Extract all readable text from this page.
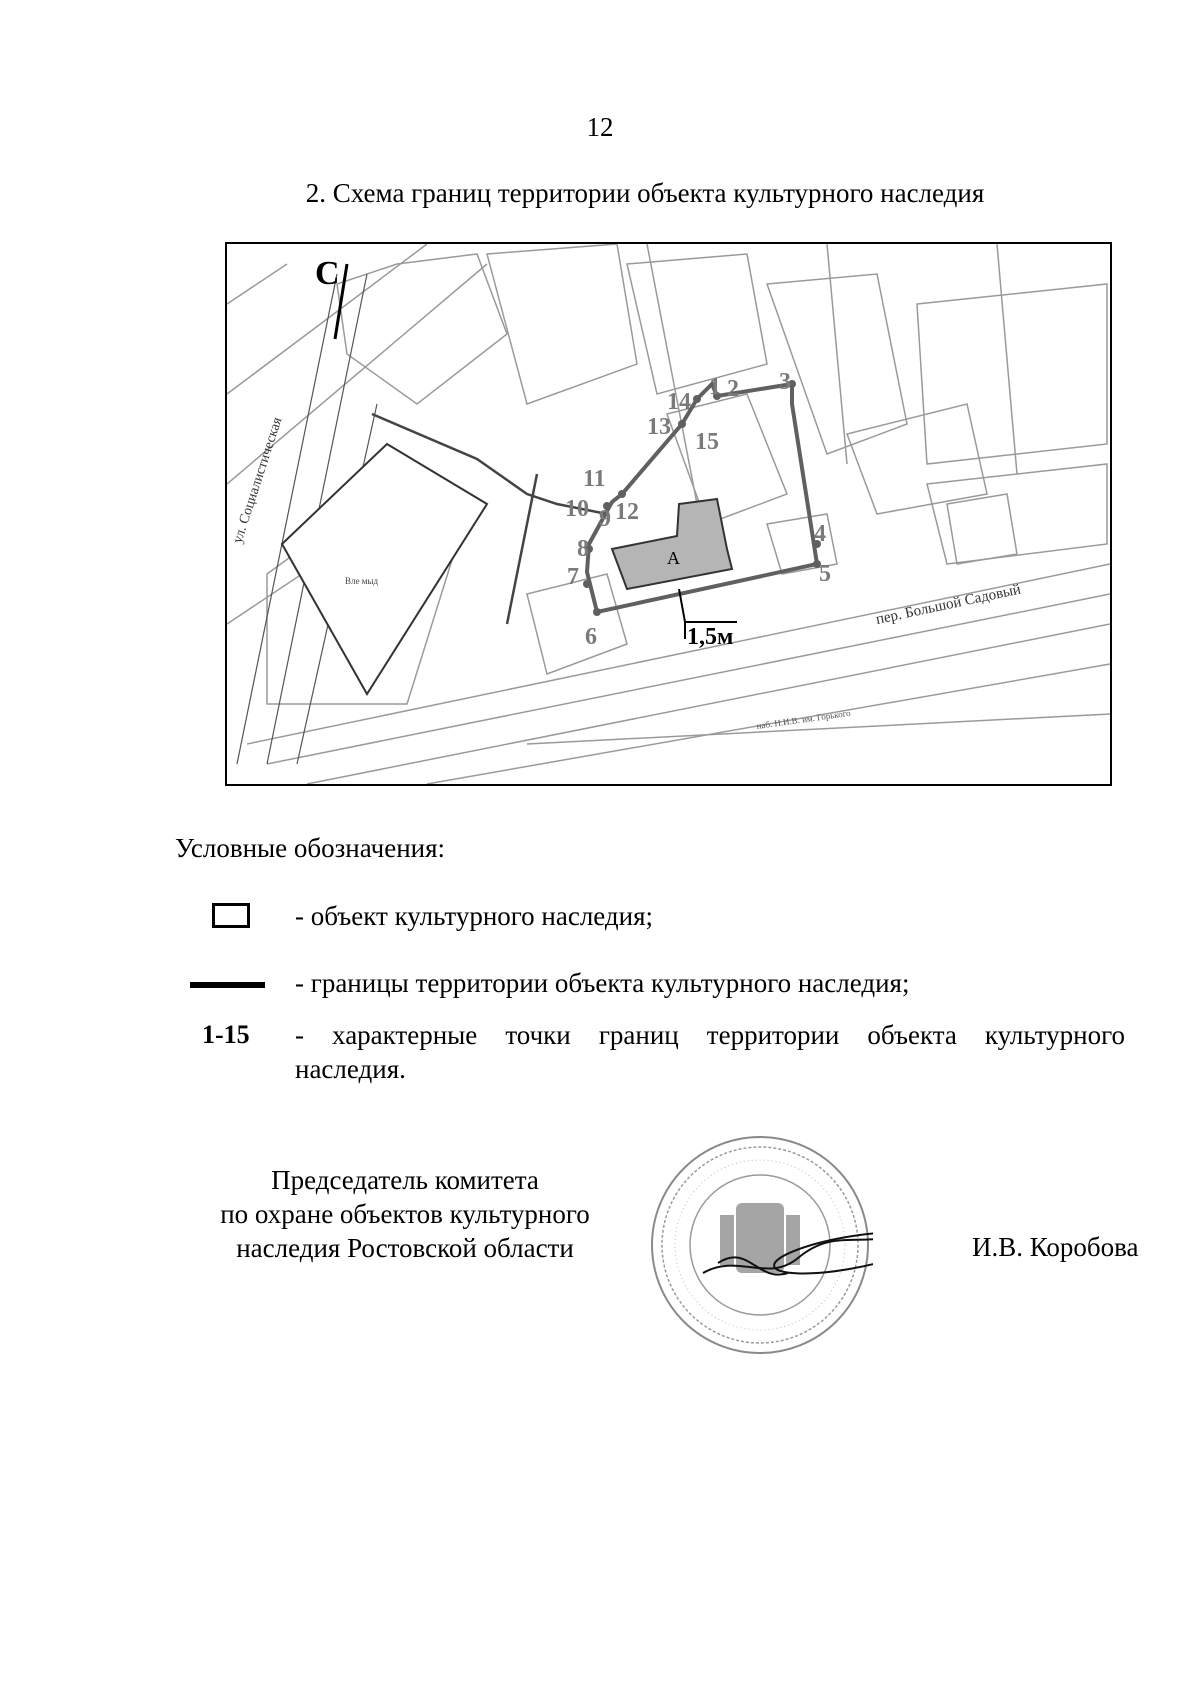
12
2. Схема границ территории объекта культурного наследия
С
ул. Социалистическая
пер. Большой Садовый
наб. Н.И.В. им. Горького
Вле мыд
А
1,5м
1 2 3
4
5
6
7
8
9
10
11
12
13
14
15
Условные обозначения:
- объект культурного наследия;
- границы территории объекта культурного наследия;
1-15 - характерные точки границ территории объекта культурного
наследия.
Председатель комитета
по охране объектов культурного
наследия Ростовской области	И.В. Коробова
